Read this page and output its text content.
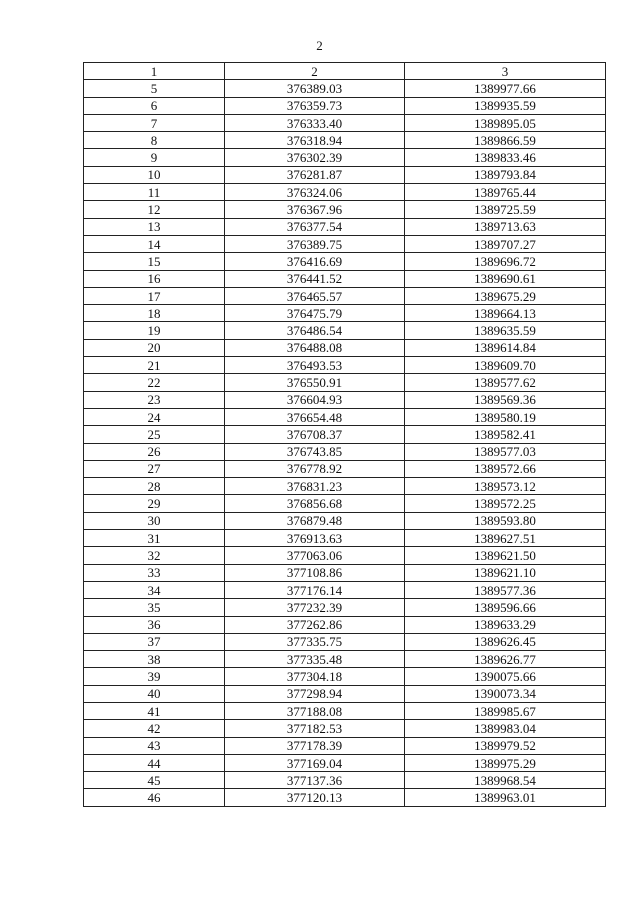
2
1	2	3
5	376389.03	1389977.66
6	376359.73	1389935.59
7	376333.40	1389895.05
8	376318.94	1389866.59
9	376302.39	1389833.46
10	376281.87	1389793.84
11	376324.06	1389765.44
12	376367.96	1389725.59
13	376377.54	1389713.63
14	376389.75	1389707.27
15	376416.69	1389696.72
16	376441.52	1389690.61
17	376465.57	1389675.29
18	376475.79	1389664.13
19	376486.54	1389635.59
20	376488.08	1389614.84
21	376493.53	1389609.70
22	376550.91	1389577.62
23	376604.93	1389569.36
24	376654.48	1389580.19
25	376708.37	1389582.41
26	376743.85	1389577.03
27	376778.92	1389572.66
28	376831.23	1389573.12
29	376856.68	1389572.25
30	376879.48	1389593.80
31	376913.63	1389627.51
32	377063.06	1389621.50
33	377108.86	1389621.10
34	377176.14	1389577.36
35	377232.39	1389596.66
36	377262.86	1389633.29
37	377335.75	1389626.45
38	377335.48	1389626.77
39	377304.18	1390075.66
40	377298.94	1390073.34
41	377188.08	1389985.67
42	377182.53	1389983.04
43	377178.39	1389979.52
44	377169.04	1389975.29
45	377137.36	1389968.54
46	377120.13	1389963.01
